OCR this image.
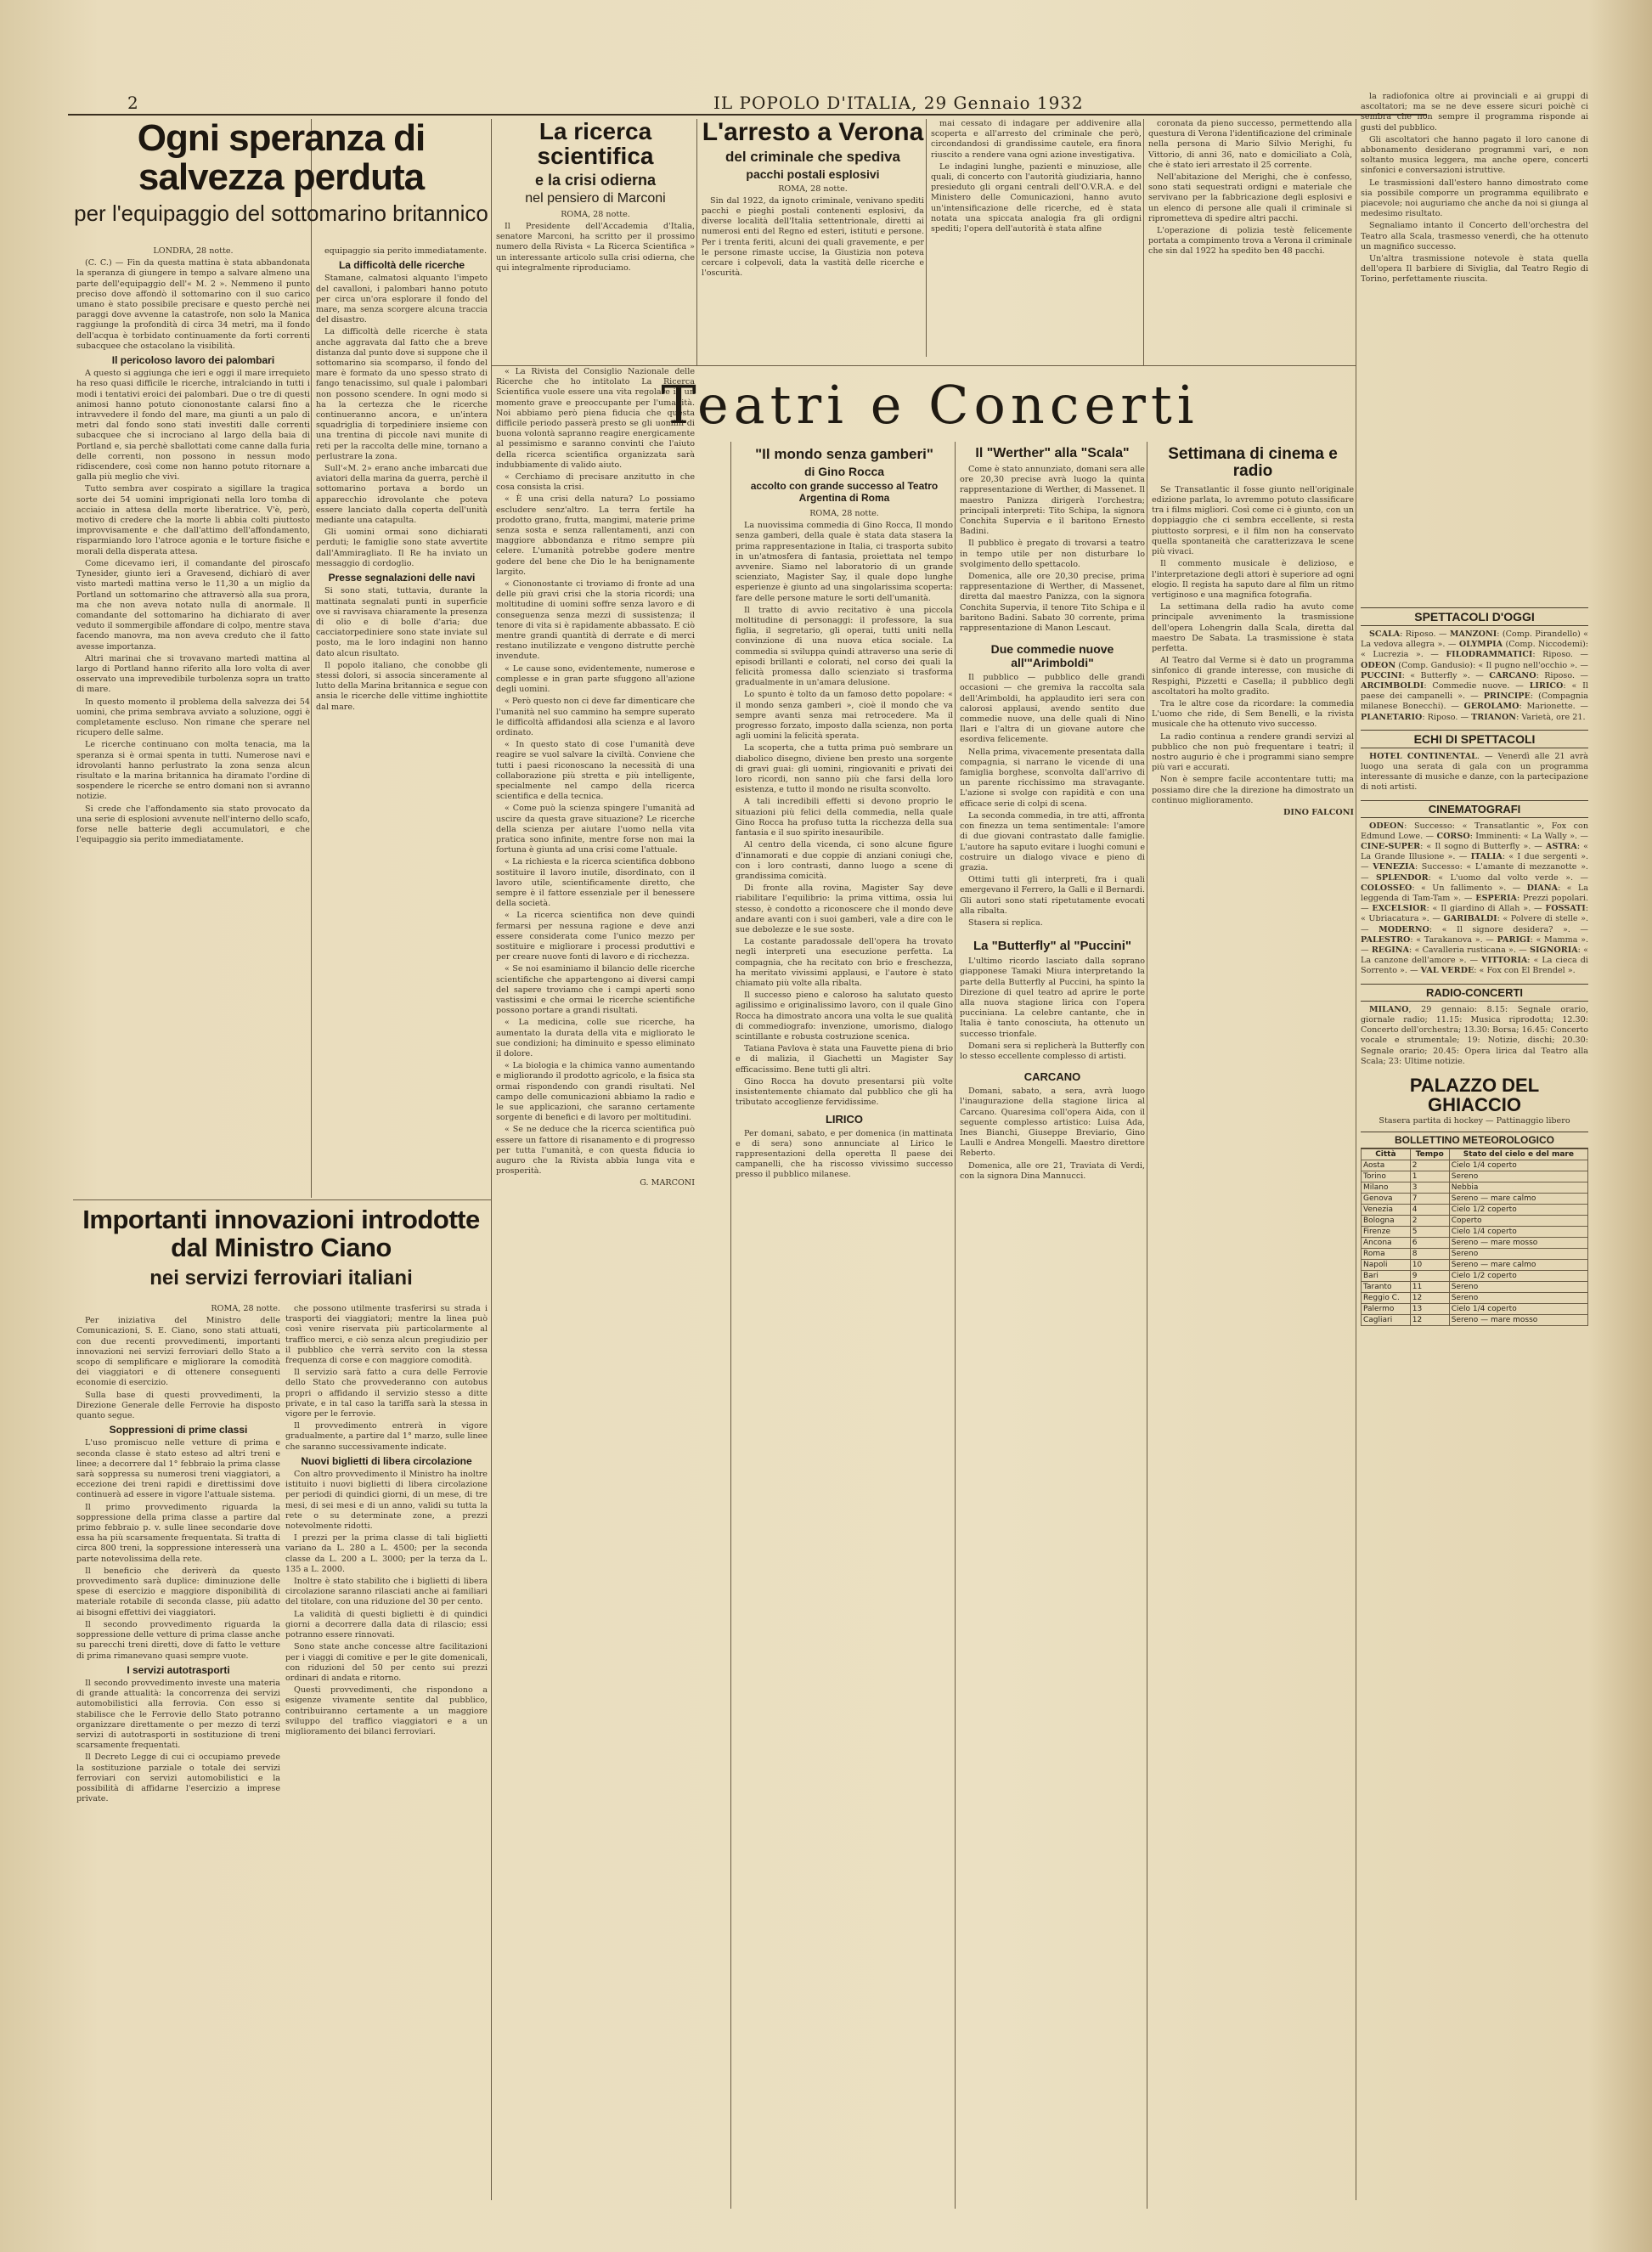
2	IL POPOLO D'ITALIA, 29 Gennaio 1932
Ogni speranza di salvezza perduta
per l'equipaggio del sottomarino britannico

LONDRA, 28 notte.

(C. C.) — Fin da questa mattina è stata abbandonata la speranza di giungere in tempo a salvare almeno una parte dell'equipaggio dell'« M. 2 ». Nemmeno il punto preciso dove affondò il sottomarino con il suo carico umano è stato possibile precisare e questo perchè nei paraggi dove avvenne la catastrofe, non solo la Manica raggiunge la profondità di circa 34 metri, ma il fondo dell'acqua è torbidato continuamente da forti correnti subacquee che ostacolano la visibilità.

Il pericoloso lavoro dei palombari

A questo si aggiunga che ieri e oggi il mare irrequieto ha reso quasi difficile le ricerche, intralciando in tutti i modi i tentativi eroici dei palombari. Due o tre di questi animosi hanno potuto ciononostante calarsi fino a intravvedere il fondo del mare, ma giunti a un palo di metri dal fondo sono stati investiti dalle correnti subacquee che si incrociano al largo della baia di Portland e, sia perchè sballottati come canne dalla furia delle correnti, non possono in nessun modo ridiscendere, così come non hanno potuto ritornare a galla più meglio che vivi.

Tutto sembra aver cospirato a sigillare la tragica sorte dei 54 uomini imprigionati nella loro tomba di acciaio in attesa della morte liberatrice. V'è, però, motivo di credere che la morte li abbia colti piuttosto improvvisamente e che dall'attimo dell'affondamento, risparmiando loro l'atroce agonia e le torture fisiche e morali della disperata attesa.

Come dicevamo ieri, il comandante del piroscafo Tynesider, giunto ieri a Gravesend, dichiarò di aver visto martedì mattina verso le 11,30 a un miglio da Portland un sottomarino che attraversò alla sua prora, ma che non aveva notato nulla di anormale. Il comandante del sottomarino ha dichiarato di aver veduto il sommergibile affondare di colpo, mentre stava facendo manovra, ma non aveva creduto che il fatto avesse importanza.

Altri marinai che si trovavano martedì mattina al largo di Portland hanno riferito alla loro volta di aver osservato una imprevedibile turbolenza sopra un tratto di mare.

In questo momento il problema della salvezza dei 54 uomini, che prima sembrava avviato a soluzione, oggi è completamente escluso. Non rimane che sperare nel ricupero delle salme.

Le ricerche continuano con molta tenacia, ma la speranza si è ormai spenta in tutti. Numerose navi e idrovolanti hanno perlustrato la zona senza alcun risultato e la marina britannica ha diramato l'ordine di sospendere le ricerche se entro domani non si avranno notizie.

Si crede che l'affondamento sia stato provocato da una serie di esplosioni avvenute nell'interno dello scafo, forse nelle batterie degli accumulatori, e che l'equipaggio sia perito immediatamente.

equipaggio sia perito immediatamente.

La difficoltà delle ricerche

Stamane, calmatosi alquanto l'impeto del cavalloni, i palombari hanno potuto per circa un'ora esplorare il fondo del mare, ma senza scorgere alcuna traccia del disastro.

La difficoltà delle ricerche è stata anche aggravata dal fatto che a breve distanza dal punto dove si suppone che il sottomarino sia scomparso, il fondo del mare è formato da uno spesso strato di fango tenacissimo, sul quale i palombari non possono scendere. In ogni modo si ha la certezza che le ricerche continueranno ancora, e un'intera squadriglia di torpediniere insieme con una trentina di piccole navi munite di reti per la raccolta delle mine, tornano a perlustrare la zona.

Sull'«M. 2» erano anche imbarcati due aviatori della marina da guerra, perchè il sottomarino portava a bordo un apparecchio idrovolante che poteva essere lanciato dalla coperta dell'unità mediante una catapulta.

Gli uomini ormai sono dichiarati perduti; le famiglie sono state avvertite dall'Ammiragliato. Il Re ha inviato un messaggio di cordoglio.

Presse segnalazioni delle navi

Si sono stati, tuttavia, durante la mattinata segnalati punti in superficie ove si ravvisava chiaramente la presenza di olio e di bolle d'aria; due cacciatorpediniere sono state inviate sul posto, ma le loro indagini non hanno dato alcun risultato.

Il popolo italiano, che conobbe gli stessi dolori, si associa sinceramente al lutto della Marina britannica e segue con ansia le ricerche delle vittime inghiottite dal mare.

La ricerca scientifica
e la crisi odierna
nel pensiero di Marconi

ROMA, 28 notte.

Il Presidente dell'Accademia d'Italia, senatore Marconi, ha scritto per il prossimo numero della Rivista « La Ricerca Scientifica » un interessante articolo sulla crisi odierna, che qui integralmente riproduciamo.

« La Rivista del Consiglio Nazionale delle Ricerche che ho intitolato La Ricerca Scientifica vuole essere una vita regolare in un momento grave e preoccupante per l'umanità. Noi abbiamo però piena fiducia che questa difficile periodo passerà presto se gli uomini di buona volontà sapranno reagire energicamente al pessimismo e saranno convinti che l'aiuto della ricerca scientifica organizzata sarà indubbiamente di valido aiuto.

« Cerchiamo di precisare anzitutto in che cosa consista la crisi.

« È una crisi della natura? Lo possiamo escludere senz'altro. La terra fertile ha prodotto grano, frutta, mangimi, materie prime senza sosta e senza rallentamenti, anzi con maggiore abbondanza e ritmo sempre più celere. L'umanità potrebbe godere mentre godere del bene che Dio le ha benignamente largito.

« Ciononostante ci troviamo di fronte ad una delle più gravi crisi che la storia ricordi; una moltitudine di uomini soffre senza lavoro e di conseguenza senza mezzi di sussistenza; il tenore di vita si è rapidamente abbassato. E ciò mentre grandi quantità di derrate e di merci restano inutilizzate e vengono distrutte perchè invendute.

« Le cause sono, evidentemente, numerose e complesse e in gran parte sfuggono all'azione degli uomini.

« Però questo non ci deve far dimenticare che l'umanità nel suo cammino ha sempre superato le difficoltà affidandosi alla scienza e al lavoro ordinato.

« In questo stato di cose l'umanità deve reagire se vuol salvare la civiltà. Conviene che tutti i paesi riconoscano la necessità di una collaborazione più stretta e più intelligente, specialmente nel campo della ricerca scientifica e della tecnica.

« Come può la scienza spingere l'umanità ad uscire da questa grave situazione? Le ricerche della scienza per aiutare l'uomo nella vita pratica sono infinite, mentre forse non mai la fortuna è giunta ad una crisi come l'attuale.

« La richiesta e la ricerca scientifica dobbono sostituire il lavoro inutile, disordinato, con il lavoro utile, scientificamente diretto, che sempre è il fattore essenziale per il benessere della società.

« La ricerca scientifica non deve quindi fermarsi per nessuna ragione e deve anzi essere considerata come l'unico mezzo per sostituire e migliorare i processi produttivi e per creare nuove fonti di lavoro e di ricchezza.

« Se noi esaminiamo il bilancio delle ricerche scientifiche che appartengono ai diversi campi del sapere troviamo che i campi aperti sono vastissimi e che ormai le ricerche scientifiche possono portare a grandi risultati.

« La medicina, colle sue ricerche, ha aumentato la durata della vita e migliorato le sue condizioni; ha diminuito e spesso eliminato il dolore.

« La biologia e la chimica vanno aumentando e migliorando il prodotto agricolo, e la fisica sta ormai rispondendo con grandi risultati. Nel campo delle comunicazioni abbiamo la radio e le sue applicazioni, che saranno certamente sorgente di benefici e di lavoro per moltitudini.

« Se ne deduce che la ricerca scientifica può essere un fattore di risanamento e di progresso per tutta l'umanità, e con questa fiducia io auguro che la Rivista abbia lunga vita e prosperità.

G. MARCONI

L'arresto a Verona
del criminale che spediva
pacchi postali esplosivi

ROMA, 28 notte.

Sin dal 1922, da ignoto criminale, venivano spediti pacchi e pieghi postali contenenti esplosivi, da diverse località dell'Italia settentrionale, diretti ai numerosi enti del Regno ed esteri, istituti e persone. Per i trenta feriti, alcuni dei quali gravemente, e per le persone rimaste uccise, la Giustizia non poteva cercare i colpevoli, data la vastità delle ricerche e l'oscurità.

mai cessato di indagare per addivenire alla scoperta e all'arresto del criminale che però, circondandosi di grandissime cautele, era finora riuscito a rendere vana ogni azione investigativa.

Le indagini lunghe, pazienti e minuziose, alle quali, di concerto con l'autorità giudiziaria, hanno presieduto gli organi centrali dell'O.V.R.A. e del Ministero delle Comunicazioni, hanno avuto un'intensificazione delle ricerche, ed è stata notata una spiccata analogia fra gli ordigni spediti; l'opera dell'autorità è stata alfine

coronata da pieno successo, permettendo alla questura di Verona l'identificazione del criminale nella persona di Mario Silvio Merighi, fu Vittorio, di anni 36, nato e domiciliato a Colà, che è stato ieri arrestato il 25 corrente.

Nell'abitazione del Merighi, che è confesso, sono stati sequestrati ordigni e materiale che servivano per la fabbricazione degli esplosivi e un elenco di persone alle quali il criminale si riprometteva di spedire altri pacchi.

L'operazione di polizia testè felicemente portata a compimento trova a Verona il criminale che sin dal 1922 ha spedito ben 48 pacchi.

Teatri e Concerti
"Il mondo senza gamberi"
di Gino Rocca
accolto con grande successo al Teatro Argentina di Roma

ROMA, 28 notte.

La nuovissima commedia di Gino Rocca, Il mondo senza gamberi, della quale è stata data stasera la prima rappresentazione in Italia, ci trasporta subito in un'atmosfera di fantasia, proiettata nel tempo avvenire. Siamo nel laboratorio di un grande scienziato, Magister Say, il quale dopo lunghe esperienze è giunto ad una singolarissima scoperta: fare delle persone mature le sorti dell'umanità.

Il tratto di avvio recitativo è una piccola moltitudine di personaggi: il professore, la sua figlia, il segretario, gli operai, tutti uniti nella convinzione di una nuova etica sociale. La commedia si sviluppa quindi attraverso una serie di episodi brillanti e colorati, nel corso dei quali la felicità promessa dallo scienziato si trasforma gradualmente in un'amara delusione.

Lo spunto è tolto da un famoso detto popolare: « il mondo senza gamberi », cioè il mondo che va sempre avanti senza mai retrocedere. Ma il progresso forzato, imposto dalla scienza, non porta agli uomini la felicità sperata.

La scoperta, che a tutta prima può sembrare un diabolico disegno, diviene ben presto una sorgente di gravi guai: gli uomini, ringiovaniti e privati dei loro ricordi, non sanno più che farsi della loro esistenza, e tutto il mondo ne risulta sconvolto.

A tali incredibili effetti si devono proprio le situazioni più felici della commedia, nella quale Gino Rocca ha profuso tutta la ricchezza della sua fantasia e il suo spirito inesauribile.

Al centro della vicenda, ci sono alcune figure d'innamorati e due coppie di anziani coniugi che, con i loro contrasti, danno luogo a scene di grandissima comicità.

Di fronte alla rovina, Magister Say deve riabilitare l'equilibrio: la prima vittima, ossia lui stesso, è condotto a riconoscere che il mondo deve andare avanti con i suoi gamberi, vale a dire con le sue debolezze e le sue soste.

La costante paradossale dell'opera ha trovato negli interpreti una esecuzione perfetta. La compagnia, che ha recitato con brio e freschezza, ha meritato vivissimi applausi, e l'autore è stato chiamato più volte alla ribalta.

Il successo pieno e caloroso ha salutato questo agilissimo e originalissimo lavoro, con il quale Gino Rocca ha dimostrato ancora una volta le sue qualità di commediografo: invenzione, umorismo, dialogo scintillante e robusta costruzione scenica.

Tatiana Pavlova è stata una Fauvette piena di brio e di malizia, il Giachetti un Magister Say efficacissimo. Bene tutti gli altri.

Gino Rocca ha dovuto presentarsi più volte insistentemente chiamato dal pubblico che gli ha tributato accoglienze fervidissime.

LIRICO

Per domani, sabato, e per domenica (in mattinata e di sera) sono annunciate al Lirico le rappresentazioni della operetta Il paese dei campanelli, che ha riscosso vivissimo successo presso il pubblico milanese.

Il "Werther" alla "Scala"

Come è stato annunziato, domani sera alle ore 20,30 precise avrà luogo la quinta rappresentazione di Werther, di Massenet. Il maestro Panizza dirigerà l'orchestra; principali interpreti: Tito Schipa, la signora Conchita Supervia e il baritono Ernesto Badini.

Il pubblico è pregato di trovarsi a teatro in tempo utile per non disturbare lo svolgimento dello spettacolo.

Domenica, alle ore 20,30 precise, prima rappresentazione di Werther, di Massenet, diretta dal maestro Panizza, con la signora Conchita Supervia, il tenore Tito Schipa e il baritono Badini. Sabato 30 corrente, prima rappresentazione di Manon Lescaut.

Due commedie nuove all'"Arimboldi"

Il pubblico — pubblico delle grandi occasioni — che gremiva la raccolta sala dell'Arimboldi, ha applaudito ieri sera con calorosi applausi, avendo sentito due commedie nuove, una delle quali di Nino Ilari e l'altra di un giovane autore che esordiva felicemente.

Nella prima, vivacemente presentata dalla compagnia, si narrano le vicende di una famiglia borghese, sconvolta dall'arrivo di un parente ricchissimo ma stravagante. L'azione si svolge con rapidità e con una efficace serie di colpi di scena.

La seconda commedia, in tre atti, affronta con finezza un tema sentimentale: l'amore di due giovani contrastato dalle famiglie. L'autore ha saputo evitare i luoghi comuni e costruire un dialogo vivace e pieno di grazia.

Ottimi tutti gli interpreti, fra i quali emergevano il Ferrero, la Galli e il Bernardi. Gli autori sono stati ripetutamente evocati alla ribalta.

Stasera si replica.

La "Butterfly" al "Puccini"

L'ultimo ricordo lasciato dalla soprano giapponese Tamaki Miura interpretando la parte della Butterfly al Puccini, ha spinto la Direzione di quel teatro ad aprire le porte alla nuova stagione lirica con l'opera pucciniana. La celebre cantante, che in Italia è tanto conosciuta, ha ottenuto un successo trionfale.

Domani sera si replicherà la Butterfly con lo stesso eccellente complesso di artisti.

CARCANO

Domani, sabato, a sera, avrà luogo l'inaugurazione della stagione lirica al Carcano. Quaresima coll'opera Aida, con il seguente complesso artistico: Luisa Ada, Ines Bianchi, Giuseppe Breviario, Gino Laulli e Andrea Mongelli. Maestro direttore Reberto.

Domenica, alle ore 21, Traviata di Verdi, con la signora Dina Mannucci.

Settimana di cinema e radio

Se Transatlantic il fosse giunto nell'originale edizione parlata, lo avremmo potuto classificare tra i films migliori. Così come ci è giunto, con un doppiaggio che ci sembra eccellente, si resta piuttosto sorpresi, e il film non ha conservato quella spontaneità che caratterizzava le scene più vivaci.

Il commento musicale è delizioso, e l'interpretazione degli attori è superiore ad ogni elogio. Il regista ha saputo dare al film un ritmo vertiginoso e una magnifica fotografia.

La settimana della radio ha avuto come principale avvenimento la trasmissione dell'opera Lohengrin dalla Scala, diretta dal maestro De Sabata. La trasmissione è stata perfetta.

Al Teatro dal Verme si è dato un programma sinfonico di grande interesse, con musiche di Respighi, Pizzetti e Casella; il pubblico degli ascoltatori ha molto gradito.

Tra le altre cose da ricordare: la commedia L'uomo che ride, di Sem Benelli, e la rivista musicale che ha ottenuto vivo successo.

La radio continua a rendere grandi servizi al pubblico che non può frequentare i teatri; il nostro augurio è che i programmi siano sempre più vari e accurati.

Non è sempre facile accontentare tutti; ma possiamo dire che la direzione ha dimostrato un continuo miglioramento.

DINO FALCONI

Importanti innovazioni introdotte dal Ministro Ciano
nei servizi ferroviari italiani

ROMA, 28 notte.

Per iniziativa del Ministro delle Comunicazioni, S. E. Ciano, sono stati attuati, con due recenti provvedimenti, importanti innovazioni nei servizi ferroviari dello Stato a scopo di semplificare e migliorare la comodità dei viaggiatori e di ottenere conseguenti economie di esercizio.

Sulla base di questi provvedimenti, la Direzione Generale delle Ferrovie ha disposto quanto segue.

Soppressioni di prime classi

L'uso promiscuo nelle vetture di prima e seconda classe è stato esteso ad altri treni e linee; a decorrere dal 1° febbraio la prima classe sarà soppressa su numerosi treni viaggiatori, a eccezione dei treni rapidi e direttissimi dove continuerà ad essere in vigore l'attuale sistema.

Il primo provvedimento riguarda la soppressione della prima classe a partire dal primo febbraio p. v. sulle linee secondarie dove essa ha più scarsamente frequentata. Si tratta di circa 800 treni, la soppressione interesserà una parte notevolissima della rete.

Il beneficio che deriverà da questo provvedimento sarà duplice: diminuzione delle spese di esercizio e maggiore disponibilità di materiale rotabile di seconda classe, più adatto ai bisogni effettivi dei viaggiatori.

Il secondo provvedimento riguarda la soppressione delle vetture di prima classe anche su parecchi treni diretti, dove di fatto le vetture di prima rimanevano quasi sempre vuote.

I servizi autotrasporti

Il secondo provvedimento investe una materia di grande attualità: la concorrenza dei servizi automobilistici alla ferrovia. Con esso si stabilisce che le Ferrovie dello Stato potranno organizzare direttamente o per mezzo di terzi servizi di autotrasporti in sostituzione di treni scarsamente frequentati.

Il Decreto Legge di cui ci occupiamo prevede la sostituzione parziale o totale dei servizi ferroviari con servizi automobilistici e la possibilità di affidarne l'esercizio a imprese private.

che possono utilmente trasferirsi su strada i trasporti dei viaggiatori; mentre la linea può così venire riservata più particolarmente al traffico merci, e ciò senza alcun pregiudizio per il pubblico che verrà servito con la stessa frequenza di corse e con maggiore comodità.

Il servizio sarà fatto a cura delle Ferrovie dello Stato che provvederanno con autobus propri o affidando il servizio stesso a ditte private, e in tal caso la tariffa sarà la stessa in vigore per le ferrovie.

Il provvedimento entrerà in vigore gradualmente, a partire dal 1° marzo, sulle linee che saranno successivamente indicate.

Nuovi biglietti di libera circolazione

Con altro provvedimento il Ministro ha inoltre istituito i nuovi biglietti di libera circolazione per periodi di quindici giorni, di un mese, di tre mesi, di sei mesi e di un anno, validi su tutta la rete o su determinate zone, a prezzi notevolmente ridotti.

I prezzi per la prima classe di tali biglietti variano da L. 280 a L. 4500; per la seconda classe da L. 200 a L. 3000; per la terza da L. 135 a L. 2000.

Inoltre è stato stabilito che i biglietti di libera circolazione saranno rilasciati anche ai familiari del titolare, con una riduzione del 30 per cento.

La validità di questi biglietti è di quindici giorni a decorrere dalla data di rilascio; essi potranno essere rinnovati.

Sono state anche concesse altre facilitazioni per i viaggi di comitive e per le gite domenicali, con riduzioni del 50 per cento sui prezzi ordinari di andata e ritorno.

Questi provvedimenti, che rispondono a esigenze vivamente sentite dal pubblico, contribuiranno certamente a un maggiore sviluppo del traffico viaggiatori e a un miglioramento dei bilanci ferroviari.

la radiofonica oltre ai provinciali e ai gruppi di ascoltatori; ma se ne deve essere sicuri poichè ci sembra che non sempre il programma risponde ai gusti del pubblico.

Gli ascoltatori che hanno pagato il loro canone di abbonamento desiderano programmi vari, e non soltanto musica leggera, ma anche opere, concerti sinfonici e conversazioni istruttive.

Le trasmissioni dall'estero hanno dimostrato come sia possibile comporre un programma equilibrato e piacevole; noi auguriamo che anche da noi si giunga al medesimo risultato.

Segnaliamo intanto il Concerto dell'orchestra del Teatro alla Scala, trasmesso venerdì, che ha ottenuto un magnifico successo.

Un'altra trasmissione notevole è stata quella dell'opera Il barbiere di Siviglia, dal Teatro Regio di Torino, perfettamente riuscita.

SPETTACOLI D'OGGI

SCALA: Riposo. — MANZONI: (Comp. Pirandello) « La vedova allegra ». — OLYMPIA (Comp. Niccodemi): « Lucrezia ». — FILODRAMMATICI: Riposo. — ODEON (Comp. Gandusio): « Il pugno nell'occhio ». — PUCCINI: « Butterfly ». — CARCANO: Riposo. — ARCIMBOLDI: Commedie nuove. — LIRICO: « Il paese dei campanelli ». — PRINCIPE: (Compagnia milanese Bonecchi). — GEROLAMO: Marionette. — PLANETARIO: Riposo. — TRIANON: Varietà, ore 21.

ECHI DI SPETTACOLI

HOTEL CONTINENTAL. — Venerdì alle 21 avrà luogo una serata di gala con un programma interessante di musiche e danze, con la partecipazione di noti artisti.

CINEMATOGRAFI

ODEON: Successo: « Transatlantic », Fox con Edmund Lowe. — CORSO: Imminenti: « La Wally ». — CINE-SUPER: « Il sogno di Butterfly ». — ASTRA: « La Grande Illusione ». — ITALIA: « I due sergenti ». — VENEZIA: Successo: « L'amante di mezzanotte ». — SPLENDOR: « L'uomo dal volto verde ». — COLOSSEO: « Un fallimento ». — DIANA: « La leggenda di Tam-Tam ». — ESPERIA: Prezzi popolari. — EXCELSIOR: « Il giardino di Allah ». — FOSSATI: « Ubriacatura ». — GARIBALDI: « Polvere di stelle ». — MODERNO: « Il signore desidera? ». — PALESTRO: « Tarakanova ». — PARIGI: « Mamma ». — REGINA: « Cavalleria rusticana ». — SIGNORIA: « La canzone dell'amore ». — VITTORIA: « La cieca di Sorrento ». — VAL VERDE: « Fox con El Brendel ».

RADIO-CONCERTI

MILANO, 29 gennaio: 8.15: Segnale orario, giornale radio; 11.15: Musica riprodotta; 12.30: Concerto dell'orchestra; 13.30: Borsa; 16.45: Concerto vocale e strumentale; 19: Notizie, dischi; 20.30: Segnale orario; 20.45: Opera lirica dal Teatro alla Scala; 23: Ultime notizie.

PALAZZO DEL GHIACCIO

Stasera partita di hockey — Pattinaggio libero

BOLLETTINO METEOROLOGICO
Città	Tempo	Stato del cielo e del mare
Aosta	2	Cielo 1/4 coperto
Torino	1	Sereno
Milano	3	Nebbia
Genova	7	Sereno — mare calmo
Venezia	4	Cielo 1/2 coperto
Bologna	2	Coperto
Firenze	5	Cielo 1/4 coperto
Ancona	6	Sereno — mare mosso
Roma	8	Sereno
Napoli	10	Sereno — mare calmo
Bari	9	Cielo 1/2 coperto
Taranto	11	Sereno
Reggio C.	12	Sereno
Palermo	13	Cielo 1/4 coperto
Cagliari	12	Sereno — mare mosso
